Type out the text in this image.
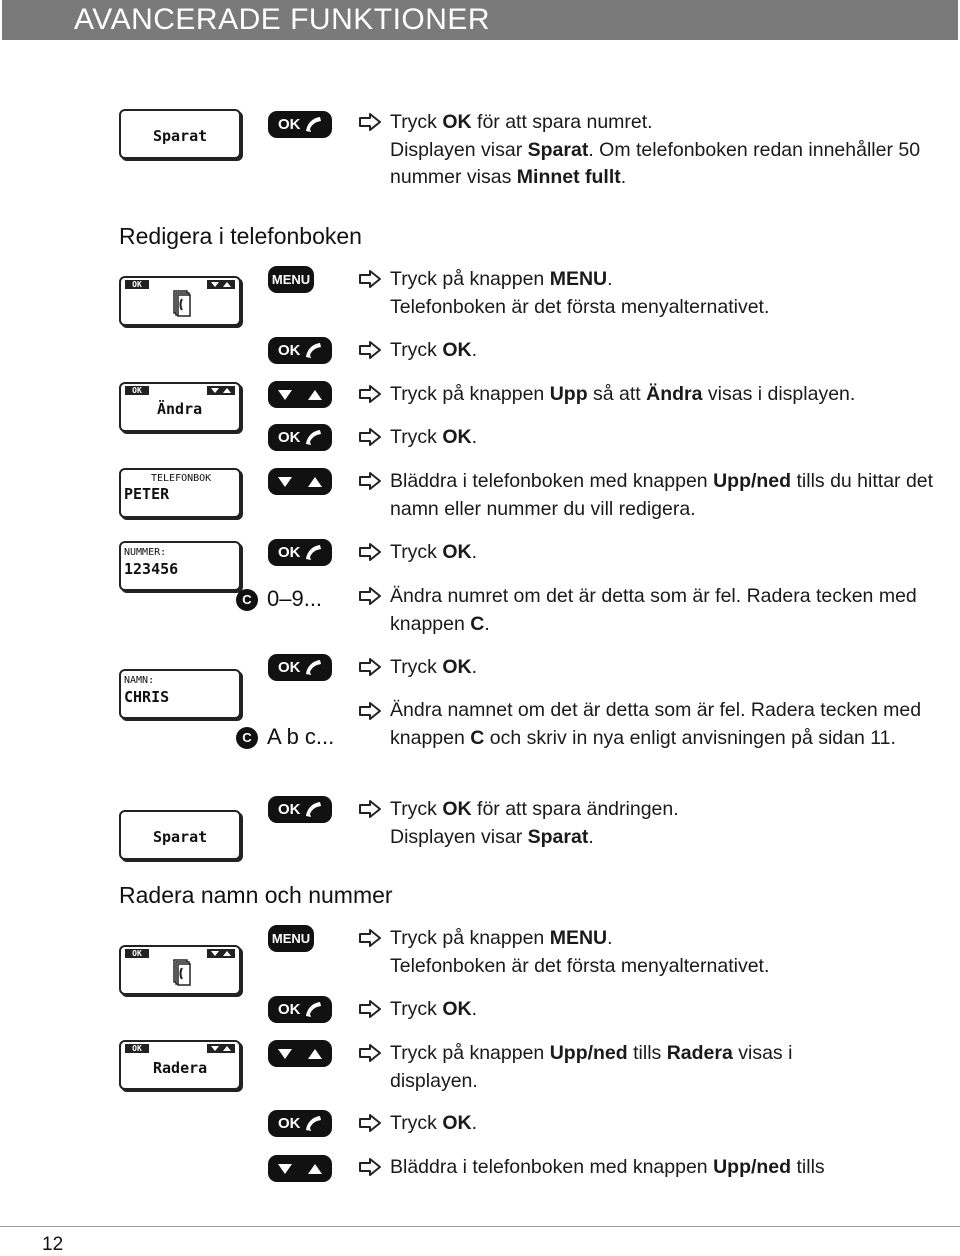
AVANCERADE FUNKTIONER
Sparat
OK	Tryck OK för att spara numret.
Displayen visar Sparat. Om telefonboken redan innehåller 50 nummer visas Minnet fullt.
Redigera i telefonboken
OK	MENU	Tryck på knappen MENU.
Telefonboken är det första menyalternativet.
OK	Tryck OK.
OK
Ändra
Tryck på knappen Upp så att Ändra visas i displayen.
OK	Tryck OK.
TELEFONBOK
PETER
Bläddra i telefonboken med knappen Upp/ned tills du hittar det namn eller nummer du vill redigera.
NUMMER:
123456
OK	Tryck OK.
C 0–9...	Ändra numret om det är detta som är fel. Radera tecken med knappen C.
OK	Tryck OK.
NAMN:
CHRIS
C A b c...
Ändra namnet om det är detta som är fel. Radera tecken med knappen C och skriv in nya enligt anvisningen på sidan 11.
Sparat
OK	Tryck OK för att spara ändringen.
Displayen visar Sparat.
Radera namn och nummer
OK
MENU	Tryck på knappen MENU.
Telefonboken är det första menyalternativet.
OK	Tryck OK.
OK
Radera
Tryck på knappen Upp/ned tills Radera visas i displayen.
OK	Tryck OK.
Bläddra i telefonboken med knappen Upp/ned tills
12
